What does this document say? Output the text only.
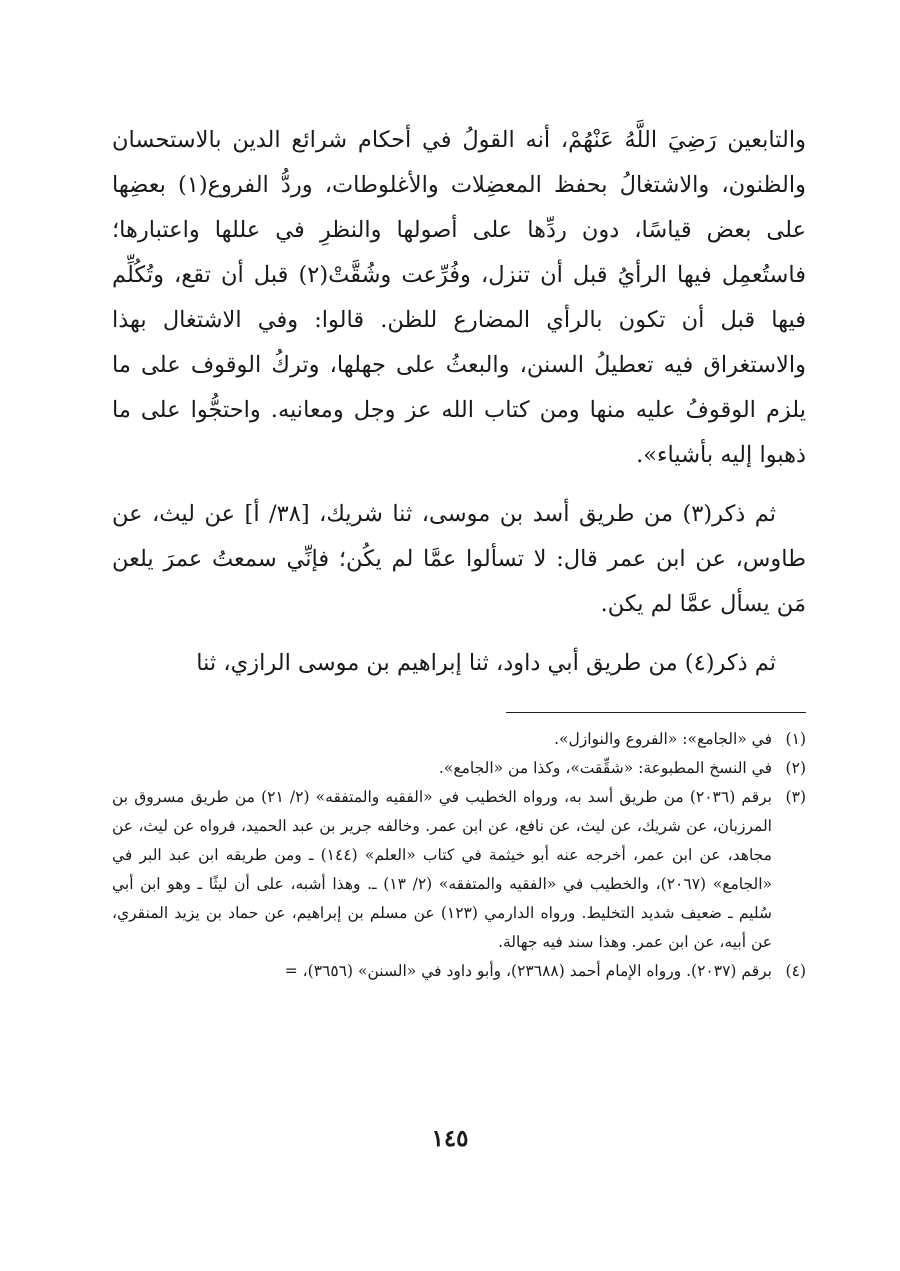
والتابعين رَضِيَ اللَّهُ عَنْهُمْ، أنه القولُ في أحكام شرائع الدين بالاستحسان والظنون، والاشتغالُ بحفظ المعضِلات والأغلوطات، وردُّ الفروع(١) بعضِها على بعض قياسًا، دون ردِّها على أصولها والنظرِ في عللها واعتبارها؛ فاستُعمِل فيها الرأيُ قبل أن تنزل، وفُرِّعت وشُقَّتْ(٢) قبل أن تقع، وتُكُلِّم فيها قبل أن تكون بالرأي المضارع للظن. قالوا: وفي الاشتغال بهذا والاستغراق فيه تعطيلُ السنن، والبعثُ على جهلها، وتركُ الوقوف على ما يلزم الوقوفُ عليه منها ومن كتاب الله عز وجل ومعانيه. واحتجُّوا على ما ذهبوا إليه بأشياء».

ثم ذكر(٣) من طريق أسد بن موسى، ثنا شريك، [٣٨/ أ] عن ليث، عن طاوس، عن ابن عمر قال: لا تسألوا عمَّا لم يكُن؛ فإنِّي سمعتُ عمرَ يلعن مَن يسأل عمَّا لم يكن.

ثم ذكر(٤) من طريق أبي داود، ثنا إبراهيم بن موسى الرازي، ثنا

(١)
في «الجامع»: «الفروع والنوازل».
(٢)
في النسخ المطبوعة: «شقِّقت»، وكذا من «الجامع».
(٣)
برقم (٢٠٣٦) من طريق أسد به، ورواه الخطيب في «الفقيه والمتفقه» (٢/ ٢١) من طريق مسروق بن المرزبان، عن شريك، عن ليث، عن نافع، عن ابن عمر. وخالفه جرير بن عبد الحميد، فرواه عن ليث، عن مجاهد، عن ابن عمر، أخرجه عنه أبو خيثمة في كتاب «العلم» (١٤٤) ـ ومن طريقه ابن عبد البر في «الجامع» (٢٠٦٧)، والخطيب في «الفقيه والمتفقه» (٢/ ١٣) ـ. وهذا أشبه، على أن ليثًا ـ وهو ابن أبي سُليم ـ ضعيف شديد التخليط. ورواه الدارمي (١٢٣) عن مسلم بن إبراهيم، عن حماد بن يزيد المنقري، عن أبيه، عن ابن عمر. وهذا سند فيه جهالة.
(٤)
برقم (٢٠٣٧). ورواه الإمام أحمد (٢٣٦٨٨)، وأبو داود في «السنن» (٣٦٥٦)، =
١٤٥
